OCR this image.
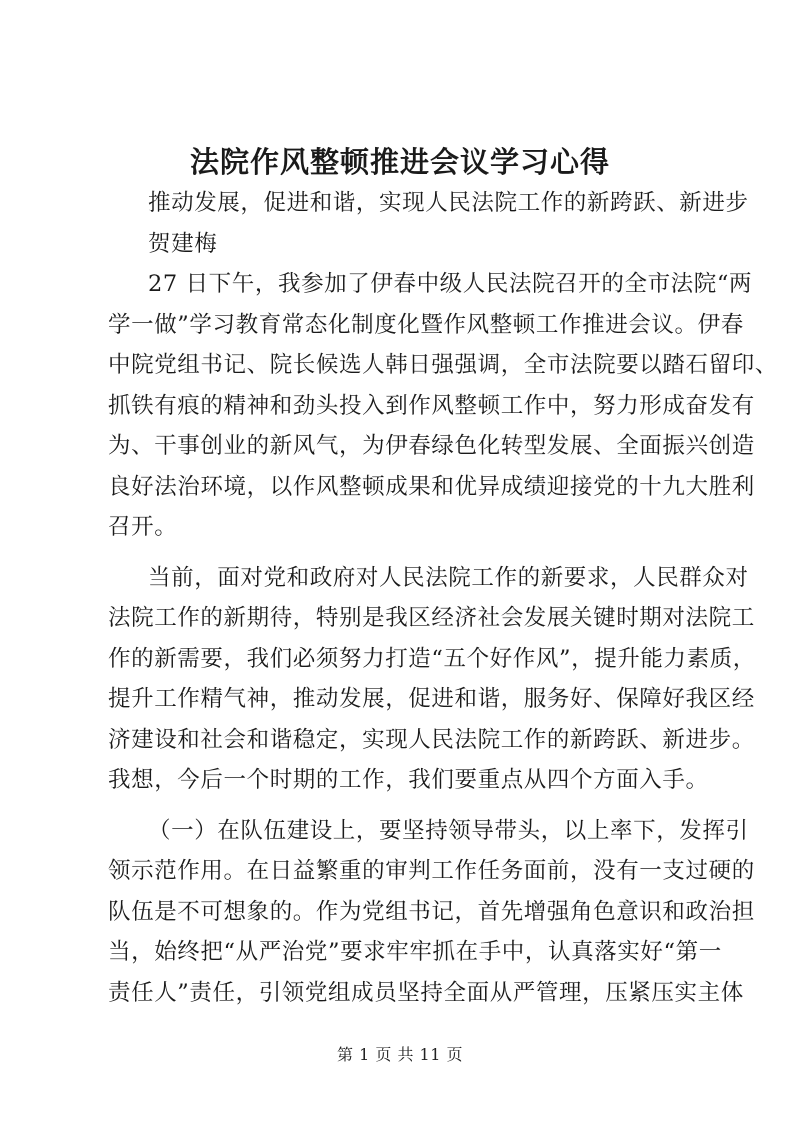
法院作风整顿推进会议学习心得
推动发展，促进和谐，实现人民法院工作的新跨跃、新进步
贺建梅
27 日下午，我参加了伊春中级人民法院召开的全市法院“两
学一做”学习教育常态化制度化暨作风整顿工作推进会议。伊春
中院党组书记、院长候选人韩日强强调，全市法院要以踏石留印、
抓铁有痕的精神和劲头投入到作风整顿工作中，努力形成奋发有
为、干事创业的新风气，为伊春绿色化转型发展、全面振兴创造
良好法治环境，以作风整顿成果和优异成绩迎接党的十九大胜利
召开。
当前，面对党和政府对人民法院工作的新要求，人民群众对
法院工作的新期待，特别是我区经济社会发展关键时期对法院工
作的新需要，我们必须努力打造“五个好作风”，提升能力素质，
提升工作精气神，推动发展，促进和谐，服务好、保障好我区经
济建设和社会和谐稳定，实现人民法院工作的新跨跃、新进步。
我想，今后一个时期的工作，我们要重点从四个方面入手。
（一）在队伍建设上，要坚持领导带头，以上率下，发挥引
领示范作用。在日益繁重的审判工作任务面前，没有一支过硬的
队伍是不可想象的。作为党组书记，首先增强角色意识和政治担
当，始终把“从严治党”要求牢牢抓在手中，认真落实好“第一
责任人”责任，引领党组成员坚持全面从严管理，压紧压实主体
第 1 页 共 11 页
